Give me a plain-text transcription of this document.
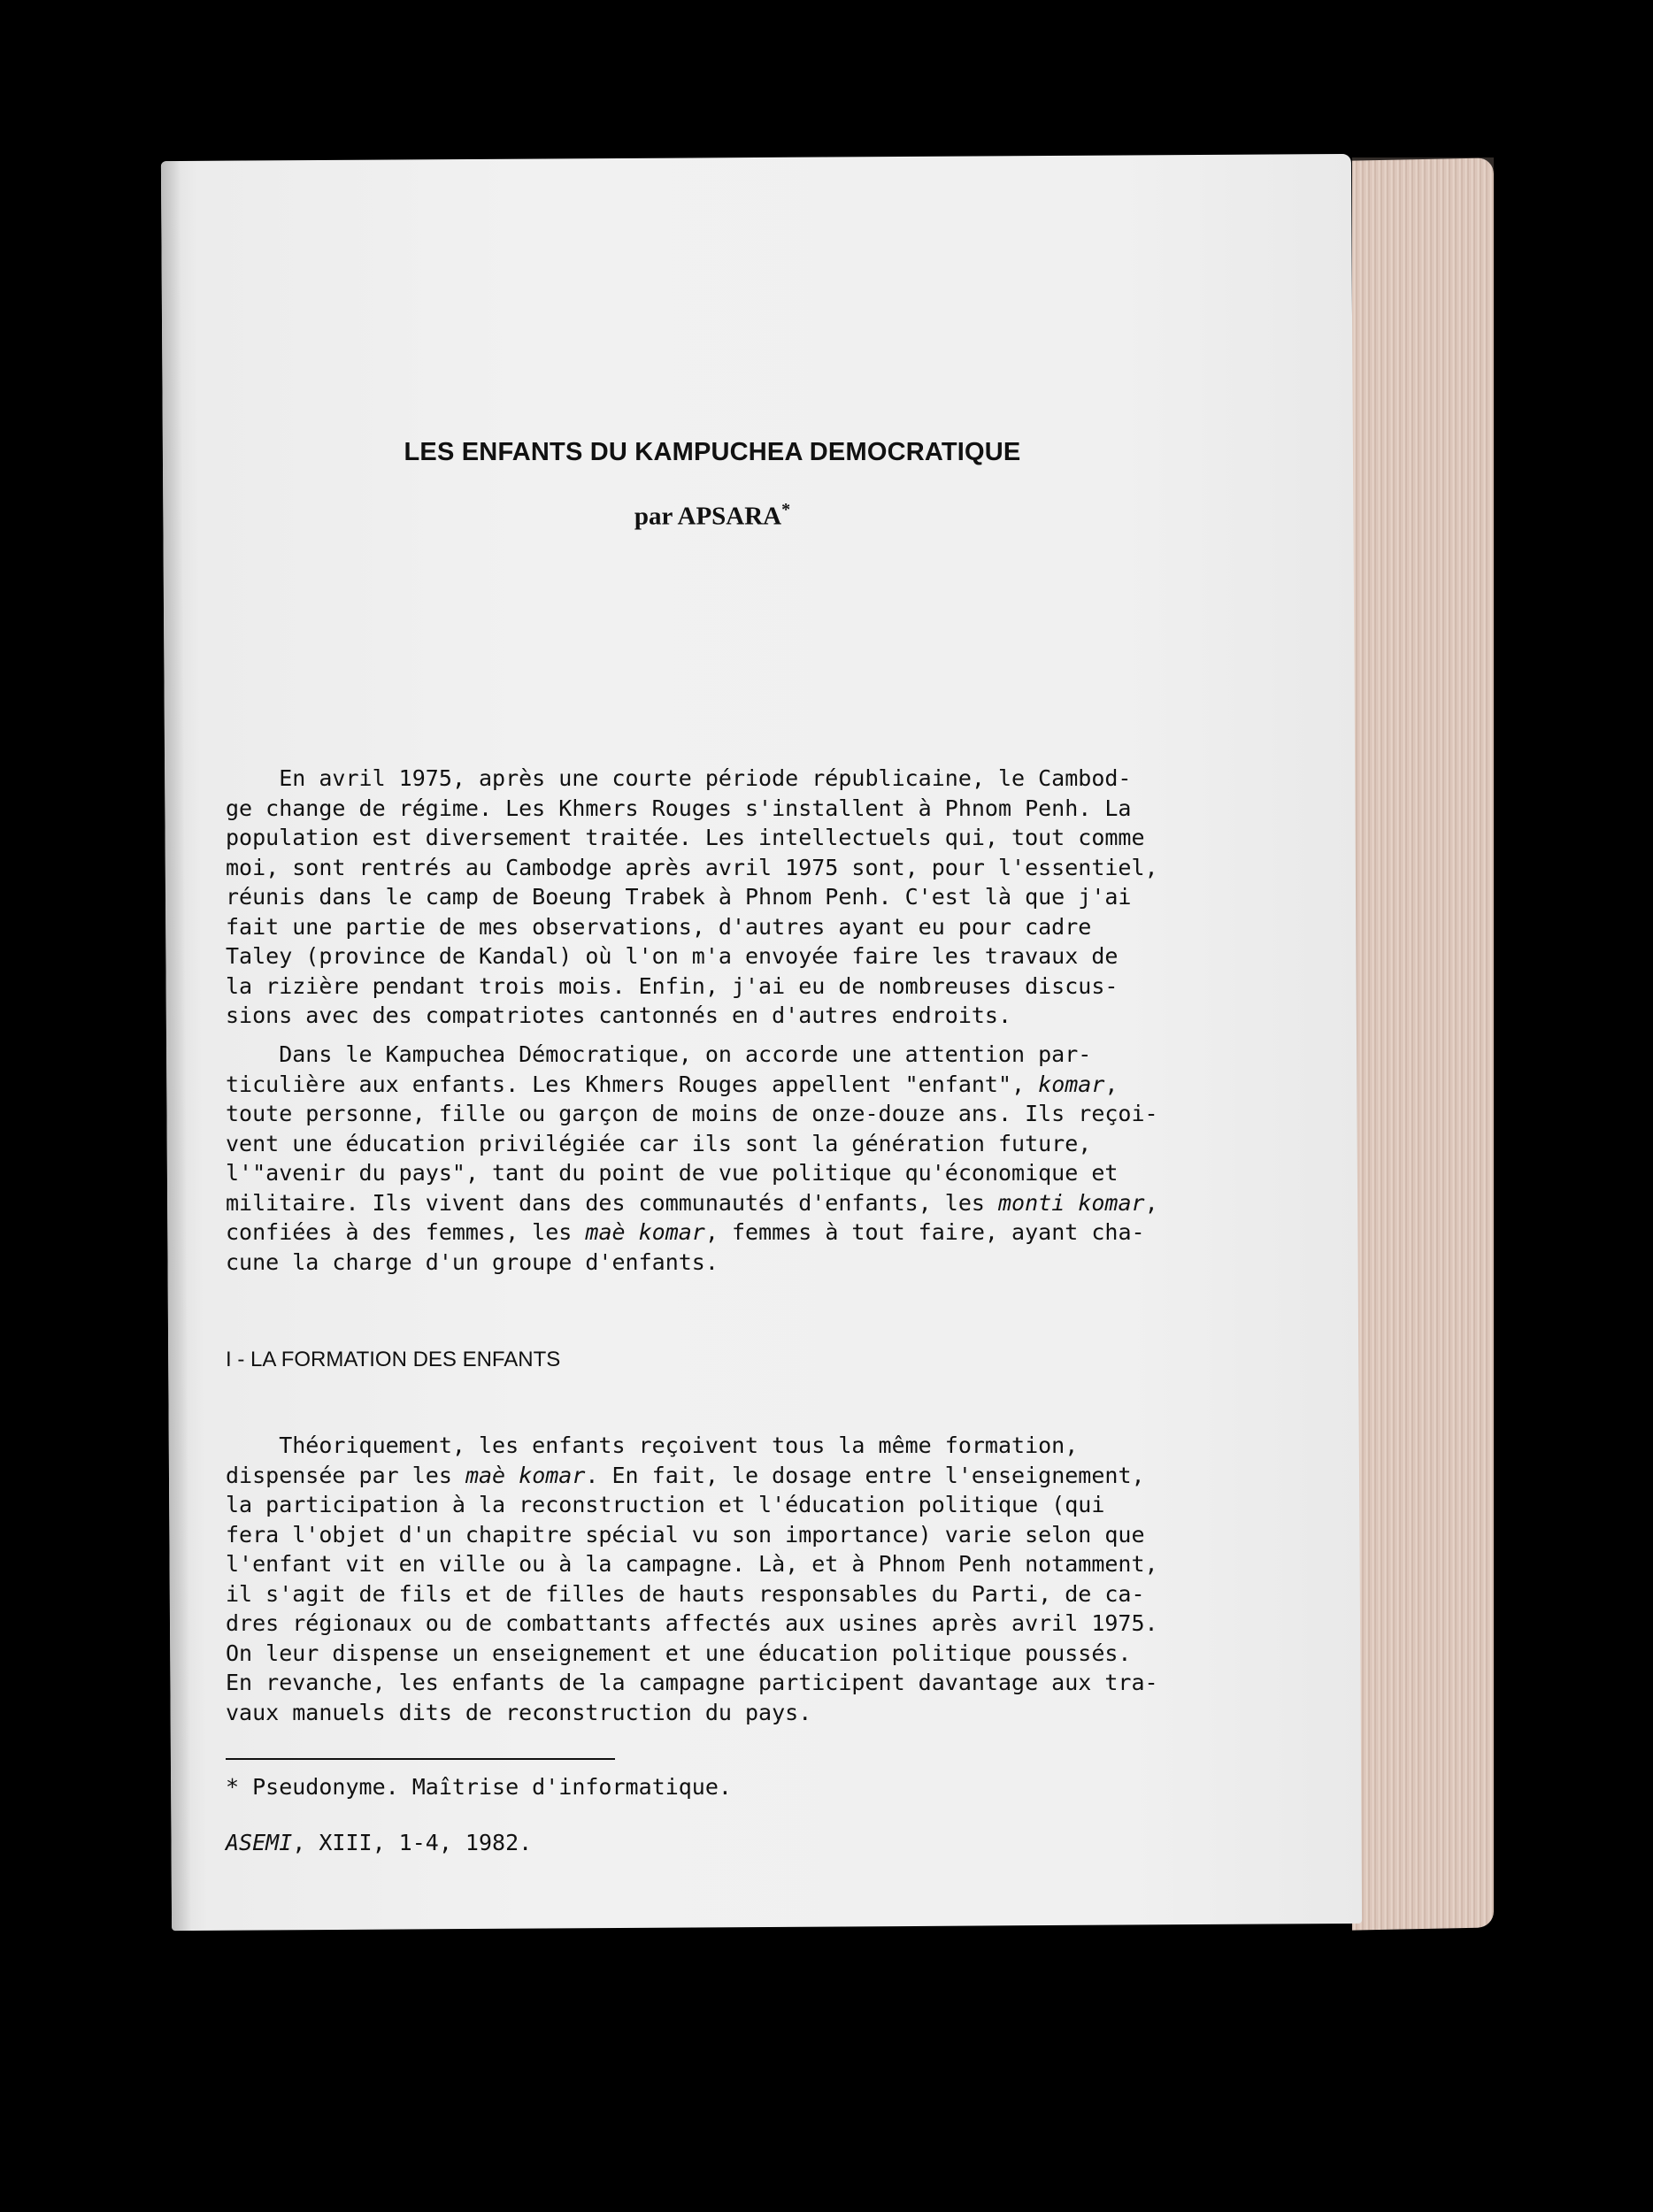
LES ENFANTS DU KAMPUCHEA DEMOCRATIQUE
par APSARA*
En avril 1975, après une courte période républicaine, le Cambod-
ge change de régime. Les Khmers Rouges s'installent à Phnom Penh. La
population est diversement traitée. Les intellectuels qui, tout comme
moi, sont rentrés au Cambodge après avril 1975 sont, pour l'essentiel,
réunis dans le camp de Boeung Trabek à Phnom Penh. C'est là que j'ai
fait une partie de mes observations, d'autres ayant eu pour cadre
Taley (province de Kandal) où l'on m'a envoyée faire les travaux de
la rizière pendant trois mois. Enfin, j'ai eu de nombreuses discus-
sions avec des compatriotes cantonnés en d'autres endroits.
Dans le Kampuchea Démocratique, on accorde une attention par-
ticulière aux enfants. Les Khmers Rouges appellent "enfant", komar,
toute personne, fille ou garçon de moins de onze-douze ans. Ils reçoi-
vent une éducation privilégiée car ils sont la génération future,
l'"avenir du pays", tant du point de vue politique qu'économique et
militaire. Ils vivent dans des communautés d'enfants, les monti komar,
confiées à des femmes, les maè komar, femmes à tout faire, ayant cha-
cune la charge d'un groupe d'enfants.
I - LA FORMATION DES ENFANTS
Théoriquement, les enfants reçoivent tous la même formation,
dispensée par les maè komar. En fait, le dosage entre l'enseignement,
la participation à la reconstruction et l'éducation politique (qui
fera l'objet d'un chapitre spécial vu son importance) varie selon que
l'enfant vit en ville ou à la campagne. Là, et à Phnom Penh notamment,
il s'agit de fils et de filles de hauts responsables du Parti, de ca-
dres régionaux ou de combattants affectés aux usines après avril 1975.
On leur dispense un enseignement et une éducation politique poussés.
En revanche, les enfants de la campagne participent davantage aux tra-
vaux manuels dits de reconstruction du pays.
* Pseudonyme. Maîtrise d'informatique.
ASEMI, XIII, 1-4, 1982.
